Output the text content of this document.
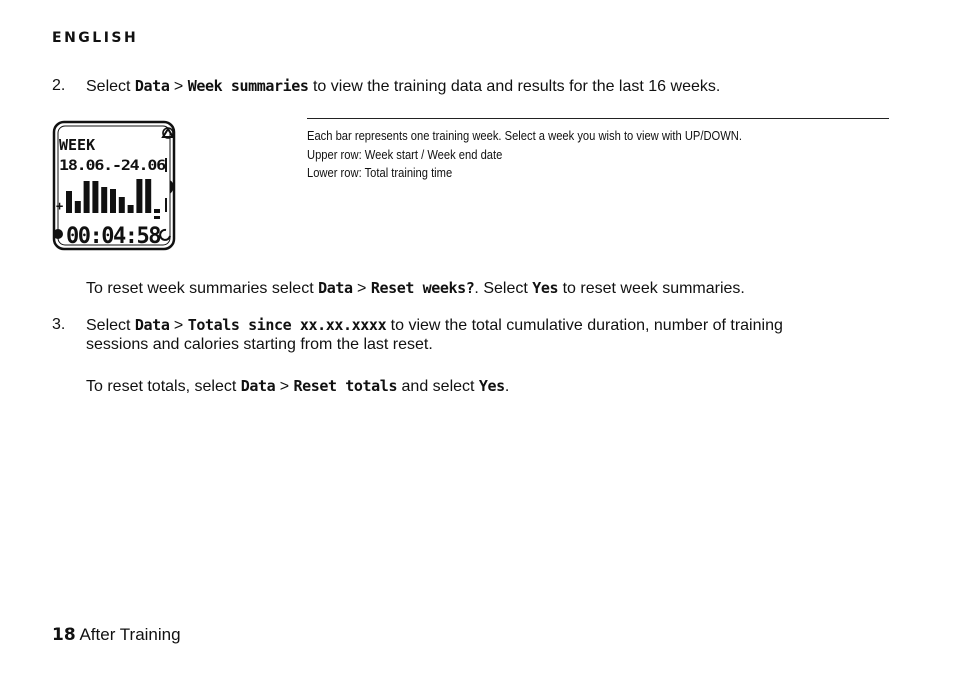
ENGLISH
2. Select Data > Week summaries to view the training data and results for the last 16 weeks.
WEEK
18.06.-24.06
+
00:04:58
Each bar represents one training week. Select a week you wish to view with UP/DOWN.
Upper row: Week start / Week end date
Lower row: Total training time
To reset week summaries select Data > Reset weeks?. Select Yes to reset week summaries.
3. Select Data > Totals since xx.xx.xxxx to view the total cumulative duration, number of training
sessions and calories starting from the last reset.
To reset totals, select Data > Reset totals and select Yes.
18 After Training
